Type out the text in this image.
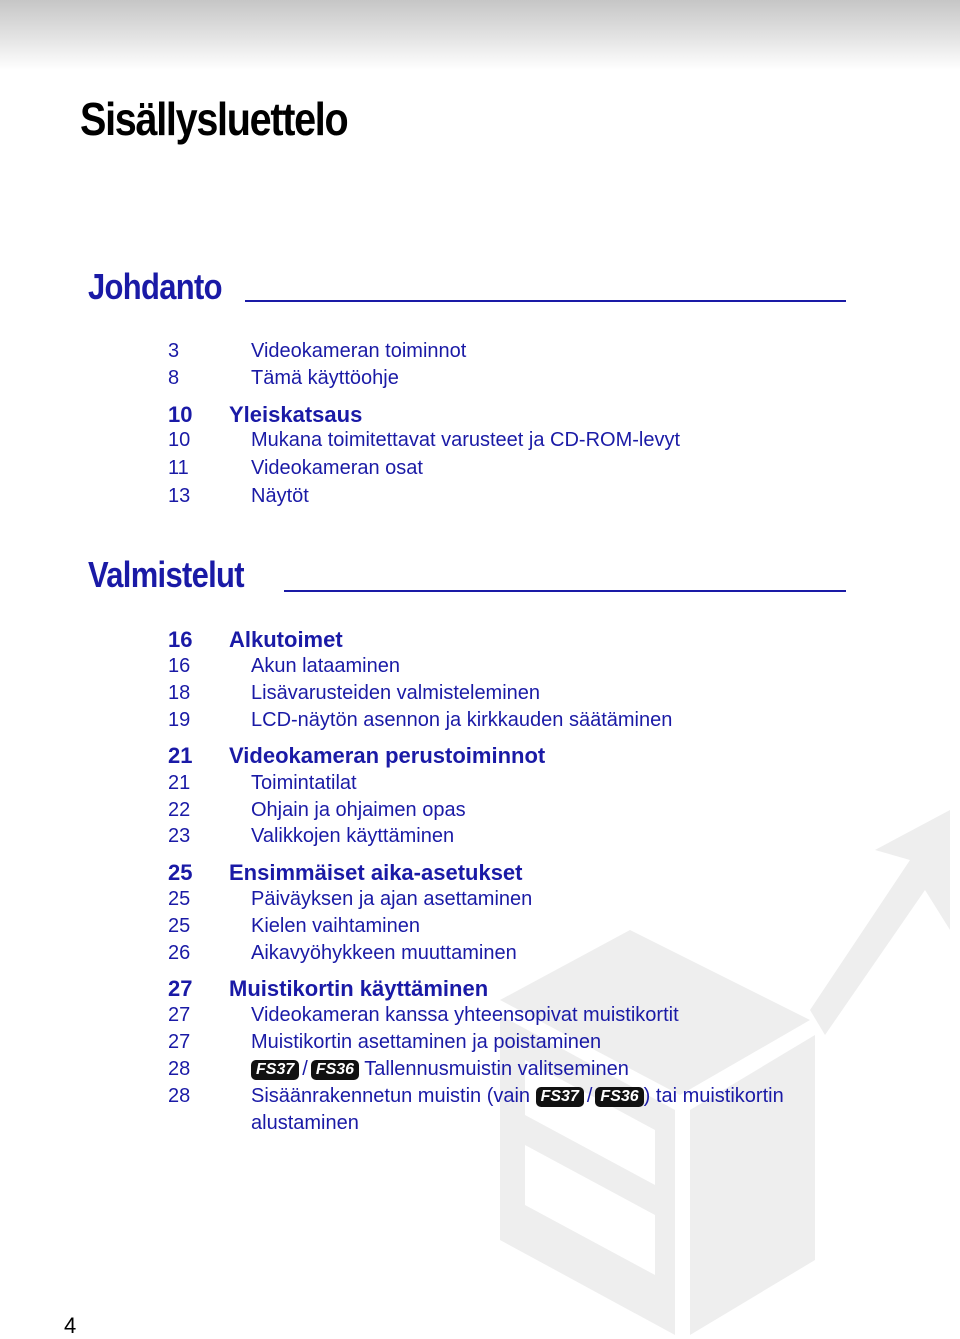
Sisällysluettelo
Johdanto
3	Videokameran toiminnot
8	Tämä käyttöohje
10 Yleiskatsaus
10	Mukana toimitettavat varusteet ja CD-ROM-levyt
11	Videokameran osat
13	Näytöt
Valmistelut
16 Alkutoimet
16	Akun lataaminen
18	Lisävarusteiden valmisteleminen
19	LCD-näytön asennon ja kirkkauden säätäminen
21 Videokameran perustoiminnot
21	Toimintatilat
22	Ohjain ja ohjaimen opas
23	Valikkojen käyttäminen
25 Ensimmäiset aika-asetukset
25	Päiväyksen ja ajan asettaminen
25	Kielen vaihtaminen
26	Aikavyöhykkeen muuttaminen
27 Muistikortin käyttäminen
27	Videokameran kanssa yhteensopivat muistikortit
27	Muistikortin asettaminen ja poistaminen
28	FS37 / FS36 Tallennusmuistin valitseminen
28	Sisäänrakennetun muistin (vain FS37 / FS36 ) tai muistikortin
alustaminen
4
